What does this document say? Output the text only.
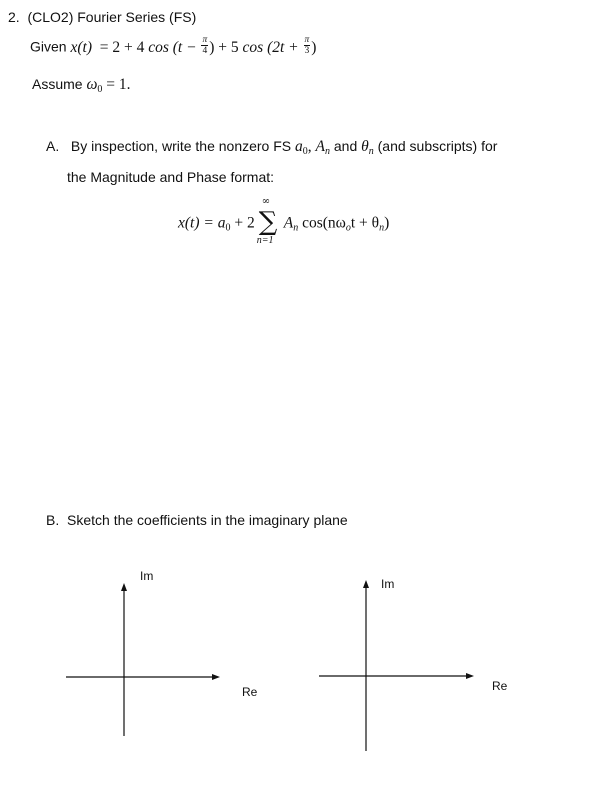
2. (CLO2) Fourier Series (FS)
Given x(t) = 2 + 4 $\cos (t - \frac{\pi}{4}$ ) + 5 $\cos (2t + \frac{\pi}{3}$ )
Assume $\omega_0 = 1$.
A. By inspection, write the nonzero FS $a_0$, $A_n$ and $\theta_n$ (and subscripts) for
the Magnitude and Phase format:
$x(t) = a_0 + 2$
∞
∑
n=1
$A_n$ $\cos(n\omega_ot + \theta_n)$
B. Sketch the coefficients in the imaginary plane
Im
Re
Im
Re
